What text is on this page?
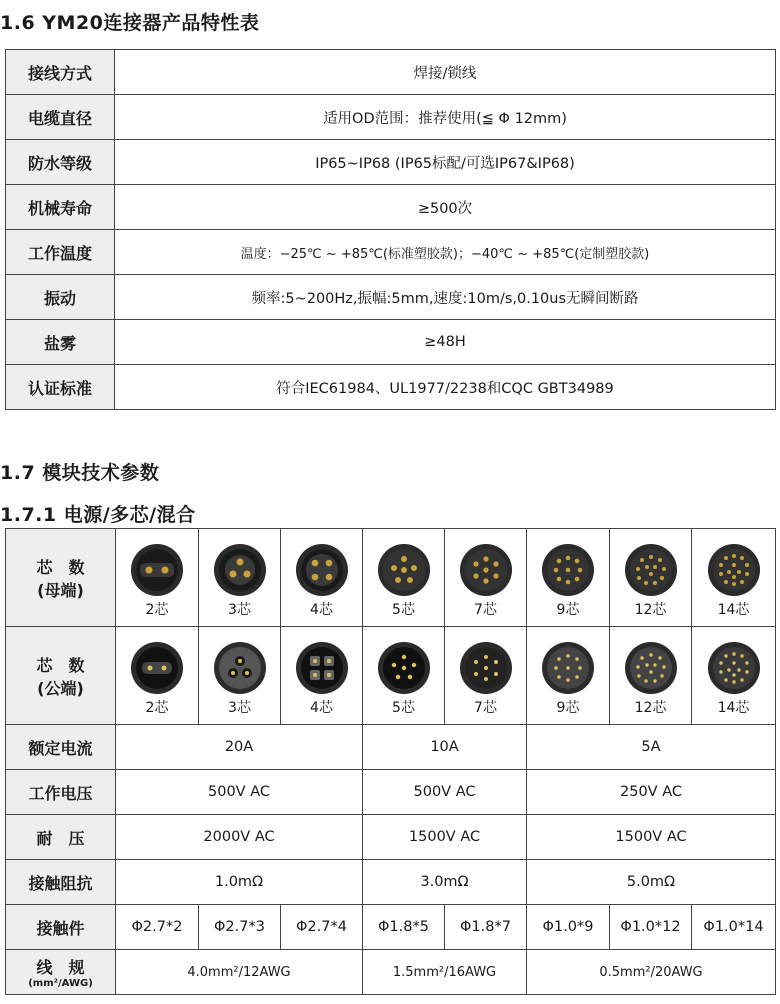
1.6 YM20连接器产品特性表
接线方式	焊接/锁线
电缆直径	适用OD范围：推荐使用(≦ Φ 12mm)
防水等级	IP65~IP68 (IP65标配/可选IP67&IP68)
机械寿命	≥500次
工作温度	温度：−25℃ ~ +85℃(标准塑胶款)；−40℃ ~ +85℃(定制塑胶款)
振动	频率:5~200Hz,振幅:5mm,速度:10m/s,0.10us无瞬间断路
盐雾	≥48H
认证标准	符合IEC61984、UL1977/2238和CQC GBT34989
1.7 模块技术参数
1.7.1 电源/多芯/混合
芯　数
(母端)	2芯	3芯	4芯	5芯	7芯	9芯	12芯	14芯

芯　数
(公端)	2芯	3芯	4芯	5芯	7芯	9芯	12芯	14芯

额定电流	20A			10A		5A		
工作电压	500V AC			500V AC		250V AC		
耐　压	2000V AC			1500V AC		1500V AC		
接触阻抗	1.0mΩ			3.0mΩ		5.0mΩ		
接触件	Φ2.7*2	Φ2.7*3	Φ2.7*4	Φ1.8*5	Φ1.8*7	Φ1.0*9	Φ1.0*12	Φ1.0*14
线　规
(mm²/AWG)	4.0mm²/12AWG			1.5mm²/16AWG		0.5mm²/20AWG		
